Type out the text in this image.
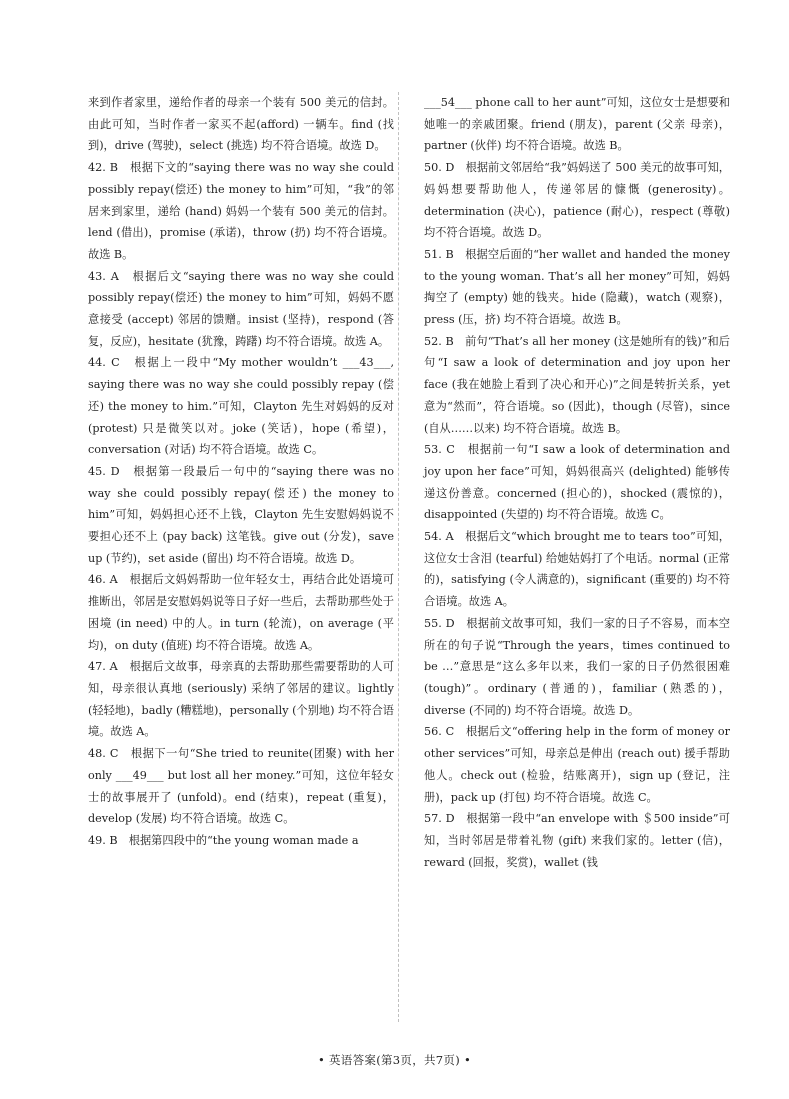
来到作者家里，递给作者的母亲一个装有 500 美元的信封。由此可知，当时作者一家买不起(afford) 一辆车。find (找到)，drive (驾驶)，select (挑选) 均不符合语境。故选 D。

42. B　根据下文的“saying there was no way she could possibly repay(偿还) the money to him”可知，“我”的邻居来到家里，递给 (hand) 妈妈一个装有 500 美元的信封。lend (借出)，promise (承诺)，throw (扔) 均不符合语境。故选 B。

43. A　根据后文“saying there was no way she could possibly repay(偿还) the money to him”可知，妈妈不愿意接受 (accept) 邻居的馈赠。insist (坚持)，respond (答复，反应)，hesitate (犹豫，踌躇) 均不符合语境。故选 A。

44. C　根据上一段中“My mother wouldn’t ___43___, saying there was no way she could possibly repay (偿还) the money to him.”可知，Clayton 先生对妈妈的反对 (protest) 只是微笑以对。joke (笑话)，hope (希望)，conversation (对话) 均不符合语境。故选 C。

45. D　根据第一段最后一句中的“saying there was no way she could possibly repay(偿还) the money to him”可知，妈妈担心还不上钱，Clayton 先生安慰妈妈说不要担心还不上 (pay back) 这笔钱。give out (分发)，save up (节约)，set aside (留出) 均不符合语境。故选 D。

46. A　根据后文妈妈帮助一位年轻女士，再结合此处语境可推断出，邻居是安慰妈妈说等日子好一些后，去帮助那些处于困境 (in need) 中的人。in turn (轮流)，on average (平均)，on duty (值班) 均不符合语境。故选 A。

47. A　根据后文故事，母亲真的去帮助那些需要帮助的人可知，母亲很认真地 (seriously) 采纳了邻居的建议。lightly (轻轻地)，badly (糟糕地)，personally (个别地) 均不符合语境。故选 A。

48. C　根据下一句“She tried to reunite(团聚) with her only ___49___ but lost all her money.”可知，这位年轻女士的故事展开了 (unfold)。end (结束)，repeat (重复)，develop (发展) 均不符合语境。故选 C。

49. B　根据第四段中的“the young woman made a

___54___ phone call to her aunt”可知，这位女士是想要和她唯一的亲戚团聚。friend (朋友)，parent (父亲 母亲)，partner (伙伴) 均不符合语境。故选 B。

50. D　根据前文邻居给“我”妈妈送了 500 美元的故事可知，妈妈想要帮助他人，传递邻居的慷慨 (generosity)。determination (决心)，patience (耐心)，respect (尊敬) 均不符合语境。故选 D。

51. B　根据空后面的“her wallet and handed the money to the young woman. That’s all her money”可知，妈妈掏空了 (empty) 她的钱夹。hide (隐藏)，watch (观察)，press (压，挤) 均不符合语境。故选 B。

52. B　前句“That’s all her money (这是她所有的钱)”和后句“I saw a look of determination and joy upon her face (我在她脸上看到了决心和开心)”之间是转折关系，yet 意为“然而”，符合语境。so (因此)，though (尽管)，since (自从……以来) 均不符合语境。故选 B。

53. C　根据前一句“I saw a look of determination and joy upon her face”可知，妈妈很高兴 (delighted) 能够传递这份善意。concerned (担心的)，shocked (震惊的)，disappointed (失望的) 均不符合语境。故选 C。

54. A　根据后文“which brought me to tears too”可知，这位女士含泪 (tearful) 给她姑妈打了个电话。normal (正常的)，satisfying (令人满意的)，significant (重要的) 均不符合语境。故选 A。

55. D　根据前文故事可知，我们一家的日子不容易，而本空所在的句子说“Through the years，times continued to be …”意思是“这么多年以来，我们一家的日子仍然很困难 (tough)”。ordinary (普通的)，familiar (熟悉的)，diverse (不同的) 均不符合语境。故选 D。

56. C　根据后文“offering help in the form of money or other services”可知，母亲总是伸出 (reach out) 援手帮助他人。check out (检验，结账离开)，sign up (登记，注册)，pack up (打包) 均不符合语境。故选 C。

57. D　根据第一段中“an envelope with ＄500 inside”可知，当时邻居是带着礼物 (gift) 来我们家的。letter (信)，reward (回报，奖赏)，wallet (钱

• 英语答案(第3页，共7页) •
